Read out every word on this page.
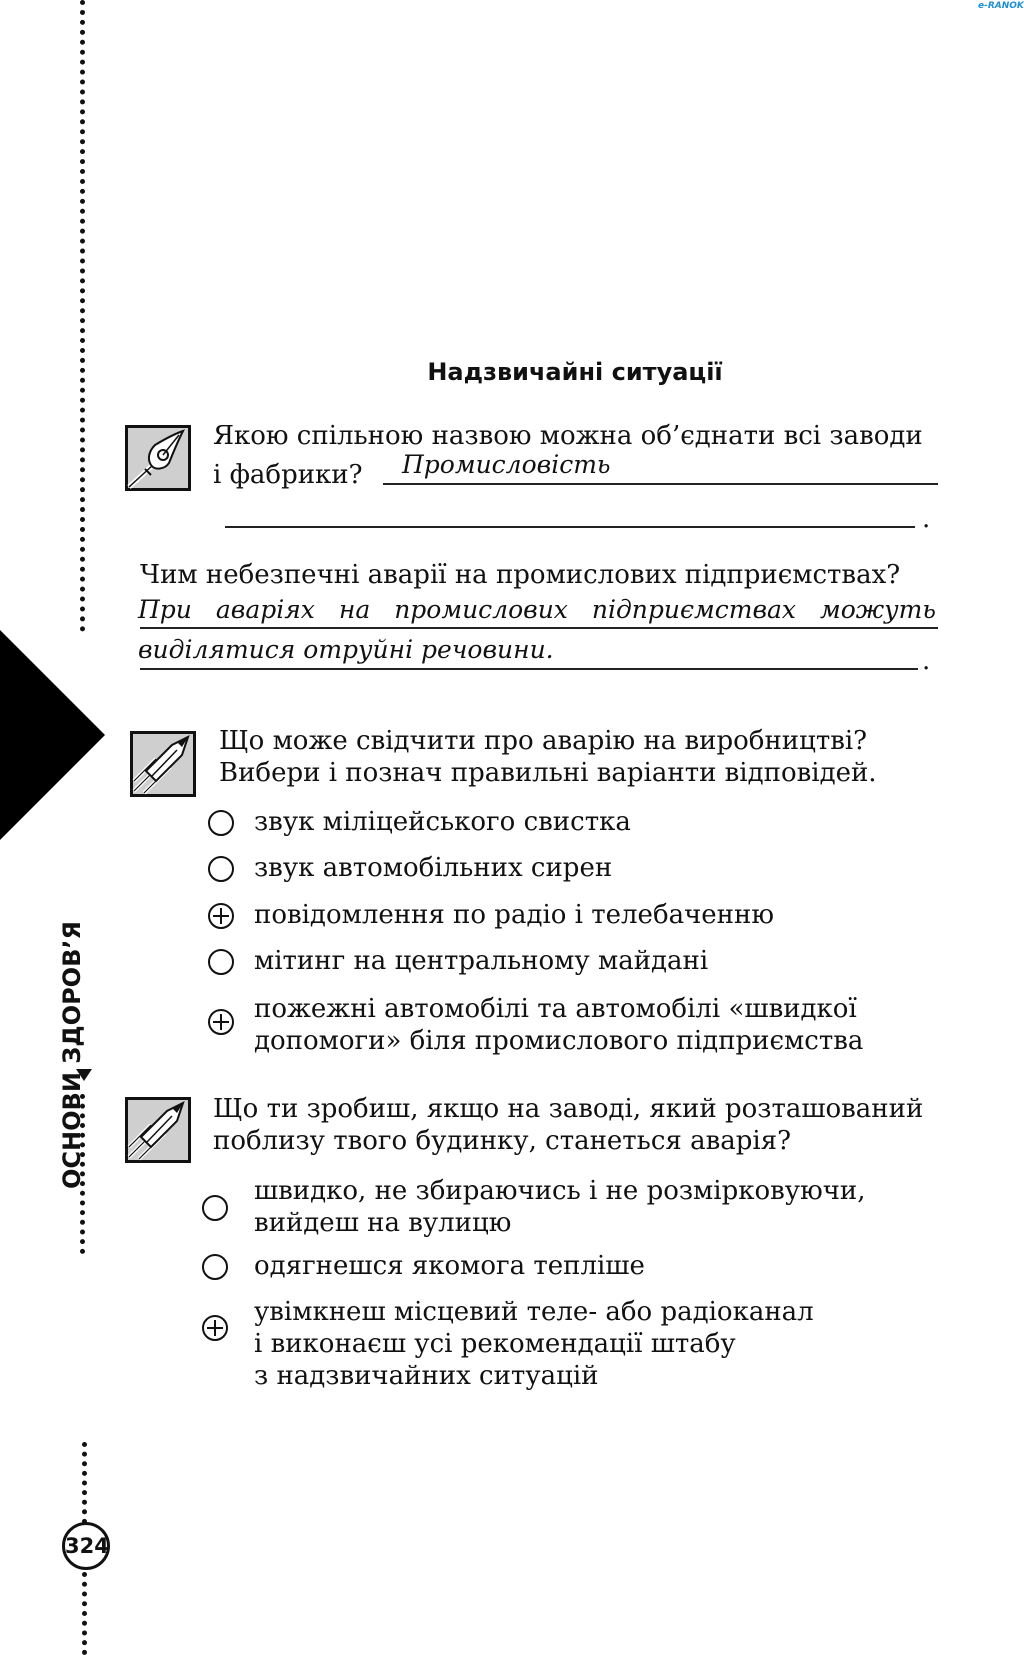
ОСНОВИ ЗДОРОВ’Я
324
e-RANOK
Надзвичайні ситуації
Якою спільною назвою можна об’єднати всі заводи
і фабрики? Промисловість
.
Чим небезпечні аварії на промислових підприємствах?
При аваріях на промислових підприємствах можуть
виділятися отруйні речовини.	.
Що може свідчити про аварію на виробництві?
Вибери і познач правильні варіанти відповідей.
звук міліцейського свистка
звук автомобільних сирен
повідомлення по радіо і телебаченню
мітинг на центральному майдані
пожежні автомобілі та автомобілі «швидкої
допомоги» біля промислового підприємства
Що ти зробиш, якщо на заводі, який розташований
поблизу твого будинку, станеться аварія?
швидко, не збираючись і не розмірковуючи,
вийдеш на вулицю
одягнешся якомога тепліше
увімкнеш місцевий теле- або радіоканал
і виконаєш усі рекомендації штабу
з надзвичайних ситуацій
